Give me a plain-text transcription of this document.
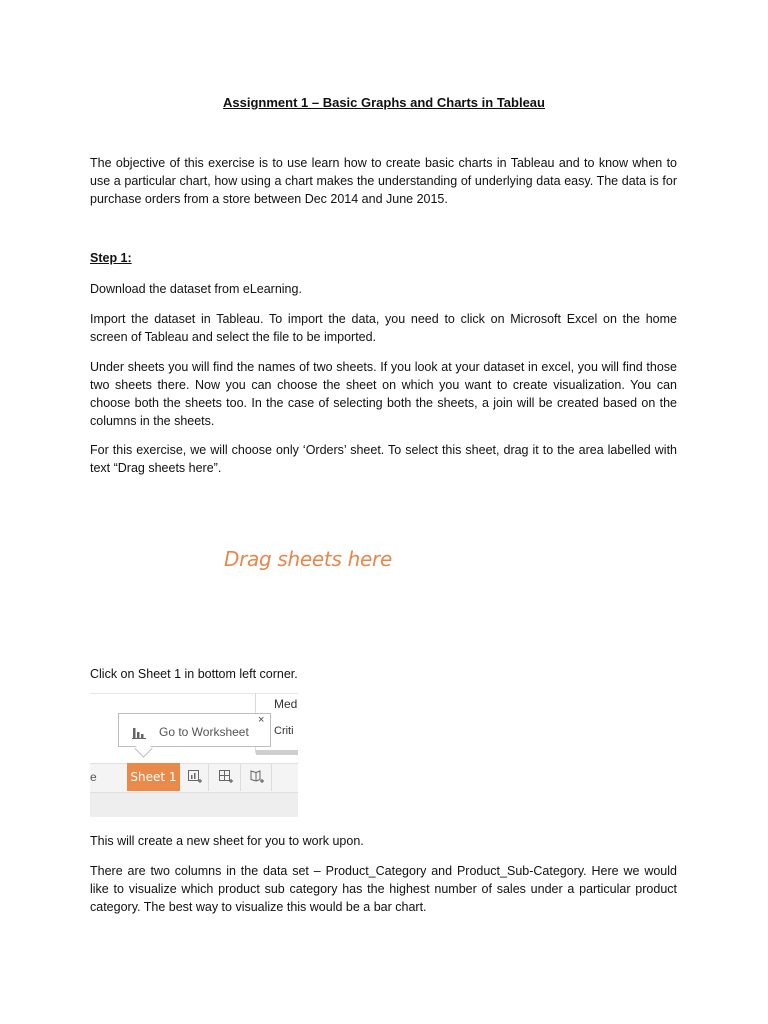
Assignment 1 – Basic Graphs and Charts in Tableau

The objective of this exercise is to use learn how to create basic charts in Tableau and to know when to use a particular chart, how using a chart makes the understanding of underlying data easy. The data is for purchase orders from a store between Dec 2014 and June 2015.

Step 1:

Download the dataset from eLearning.

Import the dataset in Tableau. To import the data, you need to click on Microsoft Excel on the home screen of Tableau and select the file to be imported.

Under sheets you will find the names of two sheets. If you look at your dataset in excel, you will find those two sheets there. Now you can choose the sheet on which you want to create visualization. You can choose both the sheets too. In the case of selecting both the sheets, a join will be created based on the columns in the sheets.

For this exercise, we will choose only ‘Orders’ sheet. To select this sheet, drag it to the area labelled with text “Drag sheets here”.

Drag sheets here

Click on Sheet 1 in bottom left corner.

Med
Criti
Go to Worksheet
×
e	Sheet 1

This will create a new sheet for you to work upon.

There are two columns in the data set – Product_Category and Product_Sub-Category. Here we would like to visualize which product sub category has the highest number of sales under a particular product category. The best way to visualize this would be a bar chart.
